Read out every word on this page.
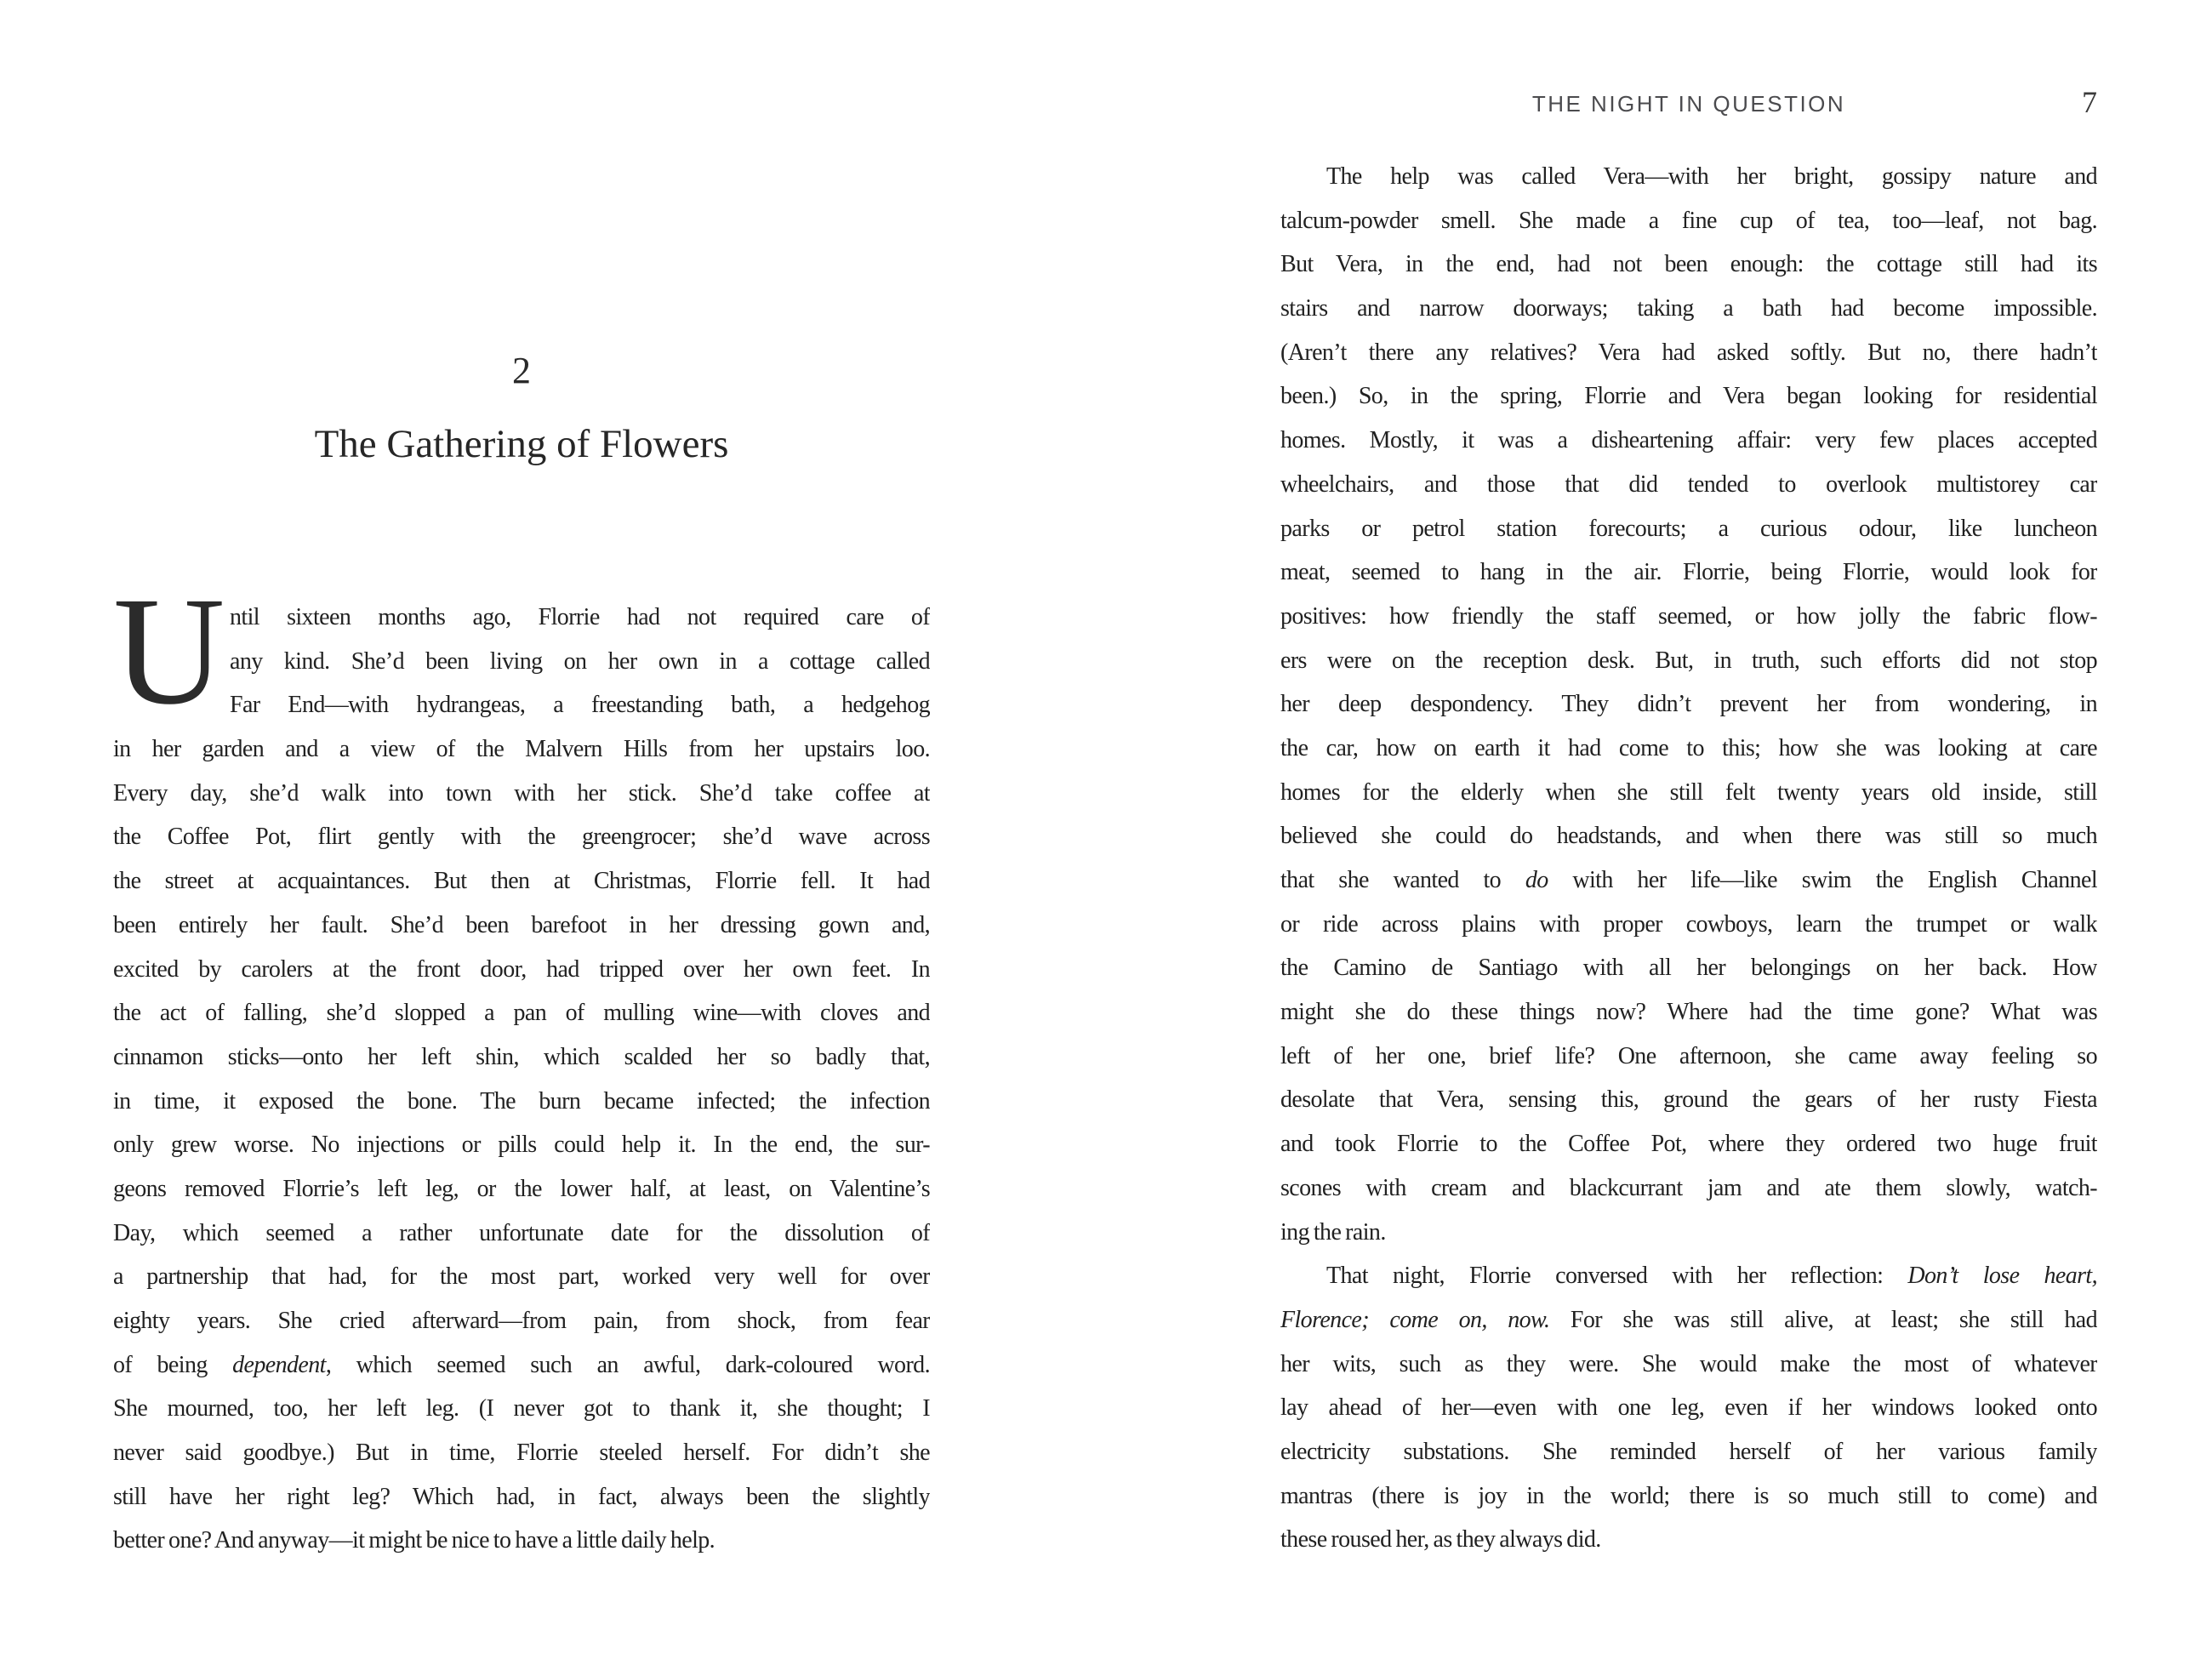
2
The Gathering of Flowers
U ntil sixteen months ago, Florrie had not required care of
any kind. She’d been living on her own in a cottage called
Far End—with hydrangeas, a freestanding bath, a hedgehog
in her garden and a view of the Malvern Hills from her upstairs loo.
Every day, she’d walk into town with her stick. She’d take coffee at
the Coffee Pot, flirt gently with the greengrocer; she’d wave across
the street at acquaintances. But then at Christmas, Florrie fell. It had
been entirely her fault. She’d been barefoot in her dressing gown and,
excited by carolers at the front door, had tripped over her own feet. In
the act of falling, she’d slopped a pan of mulling wine—with cloves and
cinnamon sticks—onto her left shin, which scalded her so badly that,
in time, it exposed the bone. The burn became infected; the infection
only grew worse. No injections or pills could help it. In the end, the sur-
geons removed Florrie’s left leg, or the lower half, at least, on Valentine’s
Day, which seemed a rather unfortunate date for the dissolution of
a partnership that had, for the most part, worked very well for over
eighty years. She cried afterward—from pain, from shock, from fear
of being dependent, which seemed such an awful, dark-coloured word.
She mourned, too, her left leg. (I never got to thank it, she thought; I
never said goodbye.) But in time, Florrie steeled herself. For didn’t she
still have her right leg? Which had, in fact, always been the slightly
better one? And anyway—it might be nice to have a little daily help.
THE NIGHT IN QUESTION	7
The help was called Vera—with her bright, gossipy nature and
talcum-powder smell. She made a fine cup of tea, too—leaf, not bag.
But Vera, in the end, had not been enough: the cottage still had its
stairs and narrow doorways; taking a bath had become impossible.
(Aren’t there any relatives? Vera had asked softly. But no, there hadn’t
been.) So, in the spring, Florrie and Vera began looking for residential
homes. Mostly, it was a disheartening affair: very few places accepted
wheelchairs, and those that did tended to overlook multistorey car
parks or petrol station forecourts; a curious odour, like luncheon
meat, seemed to hang in the air. Florrie, being Florrie, would look for
positives: how friendly the staff seemed, or how jolly the fabric flow-
ers were on the reception desk. But, in truth, such efforts did not stop
her deep despondency. They didn’t prevent her from wondering, in
the car, how on earth it had come to this; how she was looking at care
homes for the elderly when she still felt twenty years old inside, still
believed she could do headstands, and when there was still so much
that she wanted to do with her life—like swim the English Channel
or ride across plains with proper cowboys, learn the trumpet or walk
the Camino de Santiago with all her belongings on her back. How
might she do these things now? Where had the time gone? What was
left of her one, brief life? One afternoon, she came away feeling so
desolate that Vera, sensing this, ground the gears of her rusty Fiesta
and took Florrie to the Coffee Pot, where they ordered two huge fruit
scones with cream and blackcurrant jam and ate them slowly, watch-
ing the rain.
That night, Florrie conversed with her reflection: Don’t lose heart,
Florence; come on, now. For she was still alive, at least; she still had
her wits, such as they were. She would make the most of whatever
lay ahead of her—even with one leg, even if her windows looked onto
electricity substations. She reminded herself of her various family
mantras (there is joy in the world; there is so much still to come) and
these roused her, as they always did.
